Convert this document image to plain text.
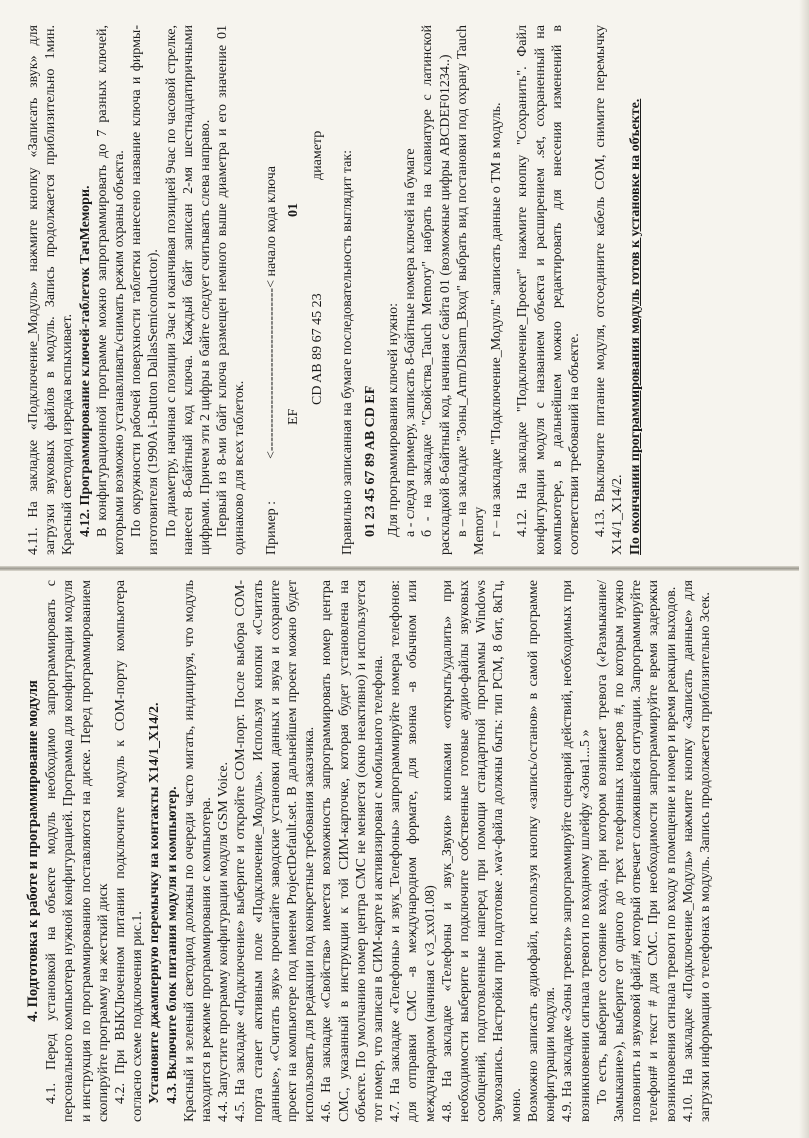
4. Подготовка к работе и программирование модуля 4.1. Перед установкой на объекте модуль необходимо запрограммировать с персонального компьютера нужной конфигурацией. Программа для конфигурации модуля и инструкция по программированию поставляются на диске. Перед программированием скопируйте программу на жесткий диск 4.2. При ВЫКЛюченном питании подключите модуль к COM-порту компьютера согласно схеме подключения рис.1. Установите джамперную перемычку на контакты X14/1_X14/2. 4.3. Включите блок питания модуля и компьютер. Красный и зеленый светодиод должны по очереди часто мигать, индицируя, что модуль находится в режиме программирования с компьютера. 4.4. Запустите программу конфигурации модуля GSM Voice. 4.5. На закладке «Подключение» выберите и откройте COM-порт. После выбора COM-порта станет активным поле «Подключение_Модуль». Используя кнопки «Считать данные», «Считать звук» прочитайте заводские установки данных и звука и сохраните проект на компьютере под именем ProjectDefault.set. В дальнейшем проект можно будет использовать для редакции под конкретные требования заказчика. 4.6. На закладке «Свойства» имеется возможность запрограммировать номер центра СМС, указанный в инструкции к той СИМ-карточке, которая будет установлена на объекте. По умолчанию номер центра СМС не меняется (окно неактивно) и используется тот номер, что записан в СИМ-карте и активизирован с мобильного телефона. 4.7. На закладке «Телефоны» и звук_Телефоны» запрограммируйте номера телефонов: для отправки СМС -в международном формате, для звонка -в обычном или международном (начиная с v3_xx01.08) 4.8. На закладке «Телефоны и звук_Звуки» кнопками «открыть/удалить» при необходимости выберите и подключите собственные готовые аудио-файлы звуковых сообщений, подготовленные наперед при помощи стандартной программы Windows Звукозапись. Настройки при подготовке .wav-файла должны быть: тип PCM, 8 бит, 8кГц, моно. Возможно записать аудиофайл, используя кнопку «запись/останов» в самой программе конфигурации модуля. 4.9. На закладке «Зоны тревоги» запрограммируйте сценарий действий, необходимых при возникновении сигнала тревоги по входному шлейфу «Зона1...5 » То есть, выберите состояние входа, при котором возникает тревога («Размыкание/Замыкание»), выберите от одного до трех телефонных номеров #, по которым нужно позвонить и звуковой файл#, который отвечает сложившейся ситуации. Запрограммируйте телефон# и текст # для СМС. При необходимости запрограммируйте время задержки возникновения сигнала тревоги по входу в помещение и номер и время реакции выходов. 4.10. На закладке «Подключение_Модуль» нажмите кнопку «Записать данные» для загрузки информации о телефонах в модуль. Запись продолжается приблизительно 3сек.

4.11. На закладке «Подключение_Модуль» нажмите кнопку «Записать звук» для загрузки звуковых файлов в модуль. Запись продолжается приблизительно 1мин. Красный светодиод изредка вспыхивает. 4.12. Программирование ключей-таблеток ТачМемори. В конфигурационной программе можно запрограммировать до 7 разных ключей, которыми возможно устанавливать/снимать режим охраны объекта. По окружности рабочей поверхности таблетки нанесено название ключа и фирмы-изготовителя (1990A i-Button DallasSemiconductor). По диаметру, начиная с позиции 3час и оканчивая позицией 9час по часовой стрелке, нанесен 8-байтный код ключа. Каждый байт записан 2-мя шестнадцатиричными цифрами. Причем эти 2 цифры в байте следует считывать слева направо. Первый из 8-ми байт ключа размещен немного выше диаметра и его значение 01 одинаково для всех таблеток. Пример :
<-----------------------------------< начало кода ключа EF
01
CD AB 89 67 45 23
диаметр Правильно записанная на бумаге последовательность выглядит так: 01 23 45 67 89 AB CD EF Для программирования ключей нужно: а - следуя примеру, записать 8-байтные номера ключей на бумаге б - на закладке "Свойства_Tauch Memory" набрать на клавиатуре с латинской раскладкой 8-байтный код, начиная с байта 01 (возможные цифры ABCDEF01234..) в – на закладке "Зоны_Arm/Disarm_Вход" выбрать вид постановки под охрану Tauch Memory г – на закладке "Подключение_Модуль" записать данные о ТМ в модуль. 4.12. На закладке "Подключение_Проект" нажмите кнопку "Сохранить". Файл конфигурации модуля с названием объекта и расширением .set, сохраненный на компьютере, в дальнейшем можно редактировать для внесения изменений в соответствии требований на объекте. 4.13. Выключите питание модуля, отсоедините кабель COM, снимите перемычку X14/1_X14/2. По окончании программирования модуль готов к установке на объекте.
